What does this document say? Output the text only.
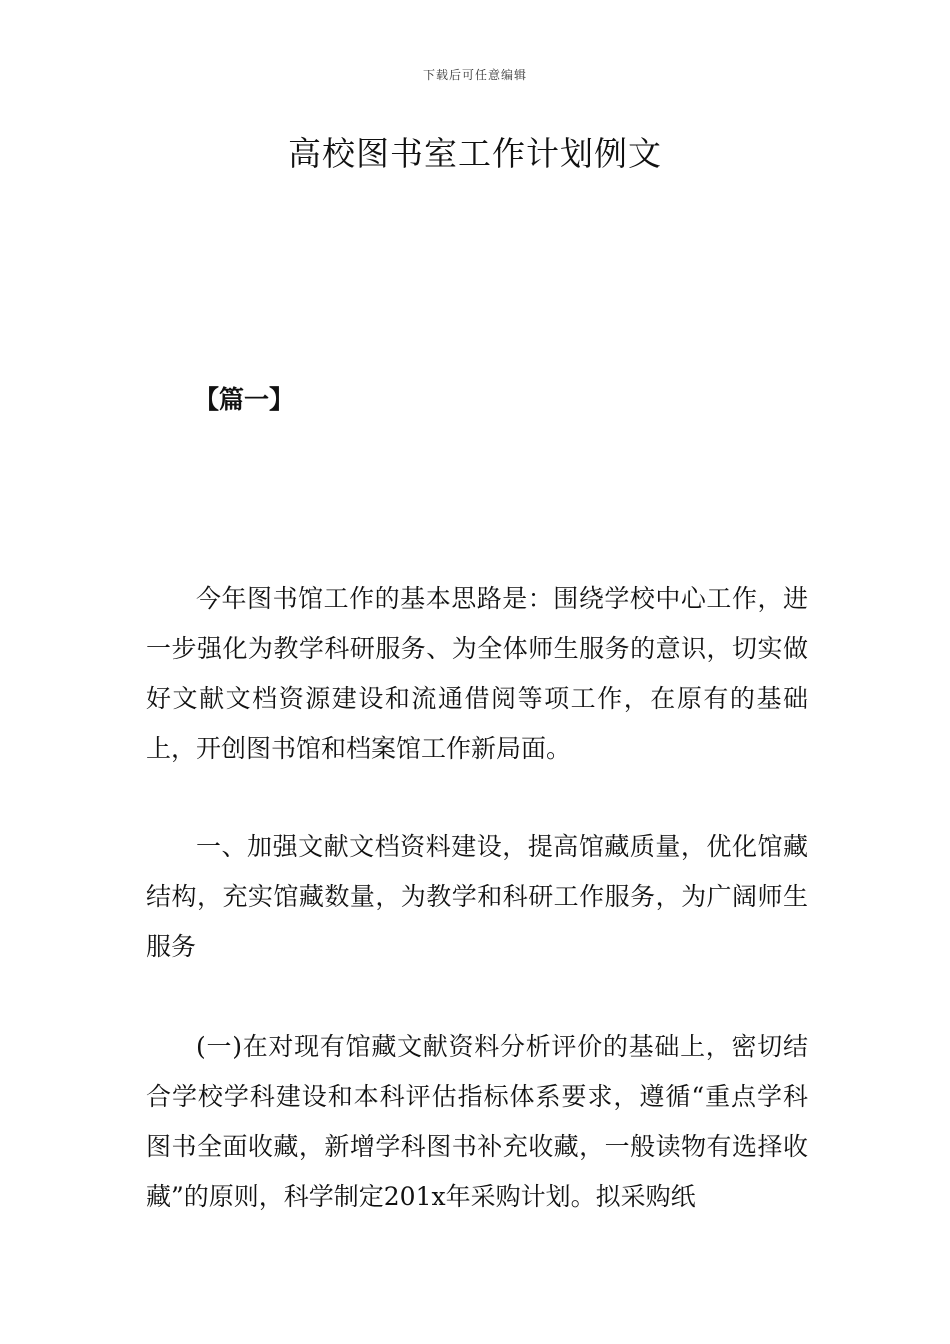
下载后可任意编辑
高校图书室工作计划例文
【篇一】

今年图书馆工作的基本思路是：围绕学校中心工作，进一步强化为教学科研服务、为全体师生服务的意识，切实做好文献文档资源建设和流通借阅等项工作，在原有的基础上，开创图书馆和档案馆工作新局面。

一、加强文献文档资料建设，提高馆藏质量，优化馆藏结构，充实馆藏数量，为教学和科研工作服务，为广阔师生服务

(一)在对现有馆藏文献资料分析评价的基础上，密切结合学校学科建设和本科评估指标体系要求，遵循“重点学科图书全面收藏，新增学科图书补充收藏，一般读物有选择收藏”的原则，科学制定201x年采购计划。拟采购纸
